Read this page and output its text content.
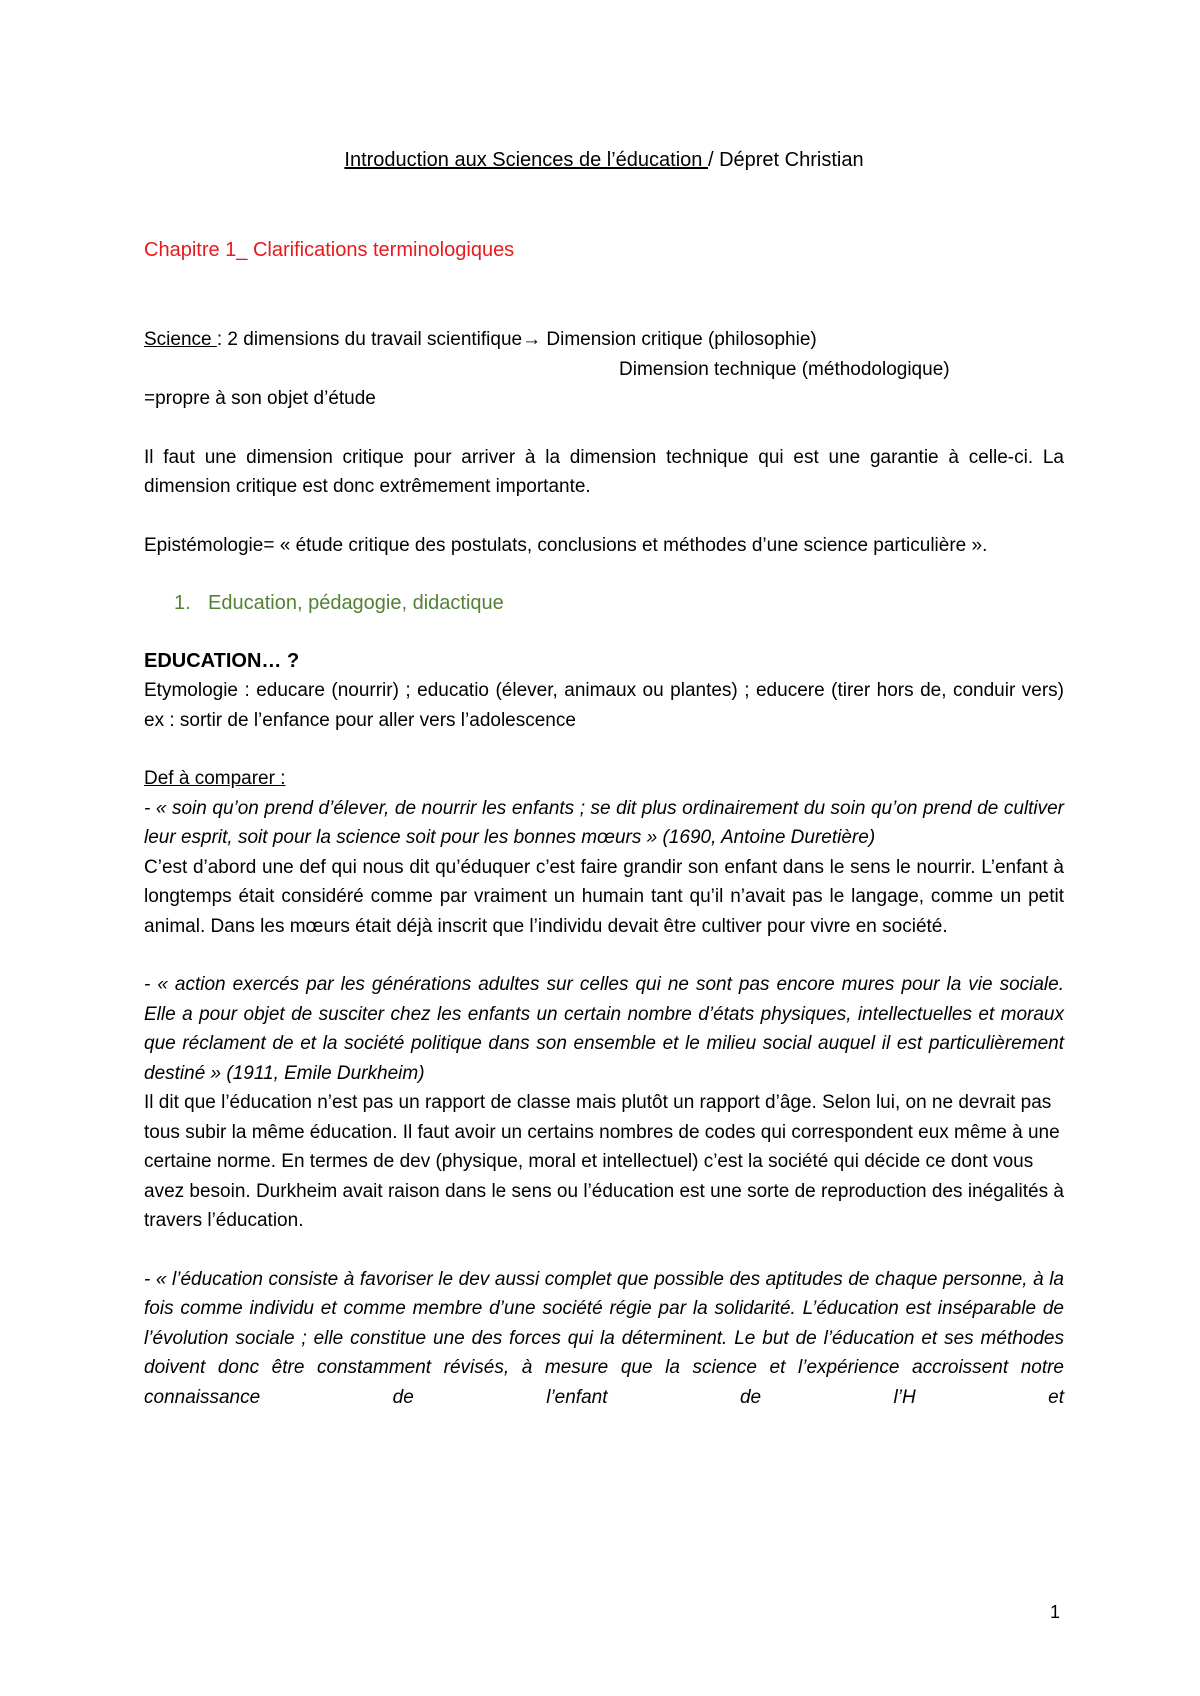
Introduction aux Sciences de l’éducation / Dépret Christian

Chapitre 1_ Clarifications terminologiques

Science : 2 dimensions du travail scientifique→ Dimension critique (philosophie)

Dimension technique (méthodologique)

=propre à son objet d’étude

Il faut une dimension critique pour arriver à la dimension technique qui est une garantie à celle-ci. La dimension critique est donc extrêmement importante.

Epistémologie= « étude critique des postulats, conclusions et méthodes d’une science particulière ».

1. Education, pédagogie, didactique

EDUCATION… ?

Etymologie : educare (nourrir) ; educatio (élever, animaux ou plantes) ; educere (tirer hors de, conduir vers) ex : sortir de l’enfance pour aller vers l’adolescence

Def à comparer :

- « soin qu’on prend d’élever, de nourrir les enfants ; se dit plus ordinairement du soin qu’on prend de cultiver leur esprit, soit pour la science soit pour les bonnes mœurs » (1690, Antoine Duretière)

C’est d’abord une def qui nous dit qu’éduquer c’est faire grandir son enfant dans le sens le nourrir. L’enfant à longtemps était considéré comme par vraiment un humain tant qu’il n’avait pas le langage, comme un petit animal. Dans les mœurs était déjà inscrit que l’individu devait être cultiver pour vivre en société.

- « action exercés par les générations adultes sur celles qui ne sont pas encore mures pour la vie sociale. Elle a pour objet de susciter chez les enfants un certain nombre d’états physiques, intellectuelles et moraux que réclament de et la société politique dans son ensemble et le milieu social auquel il est particulièrement destiné » (1911, Emile Durkheim)

Il dit que l’éducation n’est pas un rapport de classe mais plutôt un rapport d’âge. Selon lui, on ne devrait pas tous subir la même éducation. Il faut avoir un certains nombres de codes qui correspondent eux même à une certaine norme. En termes de dev (physique, moral et intellectuel) c’est la société qui décide ce dont vous avez besoin. Durkheim avait raison dans le sens ou l’éducation est une sorte de reproduction des inégalités à travers l’éducation.

- « l’éducation consiste à favoriser le dev aussi complet que possible des aptitudes de chaque personne, à la fois comme individu et comme membre d’une société régie par la solidarité. L’éducation est inséparable de l’évolution sociale ; elle constitue une des forces qui la déterminent. Le but de l’éducation et ses méthodes doivent donc être constamment révisés, à mesure que la science et l’expérience accroissent notre connaissance de l’enfant de l’H et

1
